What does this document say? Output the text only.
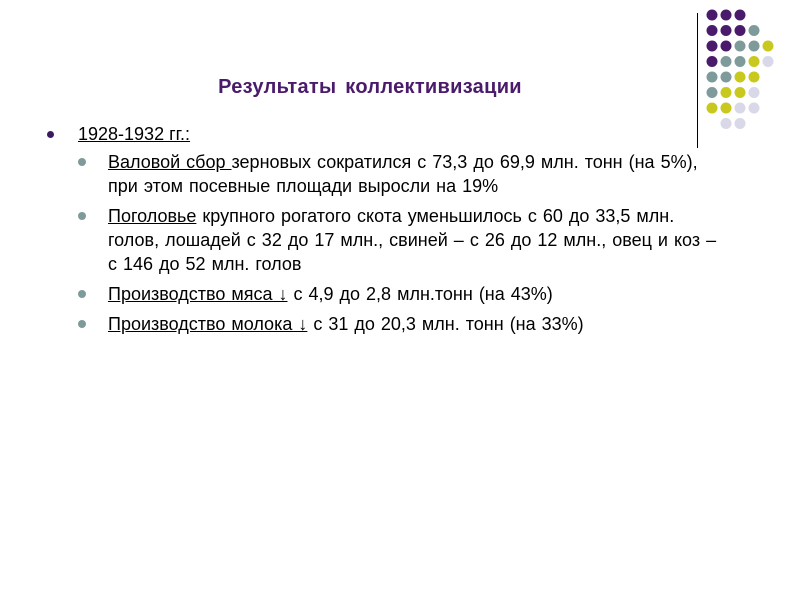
Результаты коллективизации
1928-1932 гг.:
Валовой сбор зерновых сократился с 73,3 до 69,9 млн. тонн (на 5%), при этом посевные площади выросли на 19%
Поголовье крупного рогатого скота уменьшилось с 60 до 33,5 млн. голов, лошадей с 32 до 17 млн., свиней – с 26 до 12 млн., овец и коз – с 146 до 52 млн. голов
Производство мяса ↓ с 4,9 до 2,8 млн.тонн (на 43%)
Производство молока ↓ с 31 до 20,3 млн. тонн (на 33%)
